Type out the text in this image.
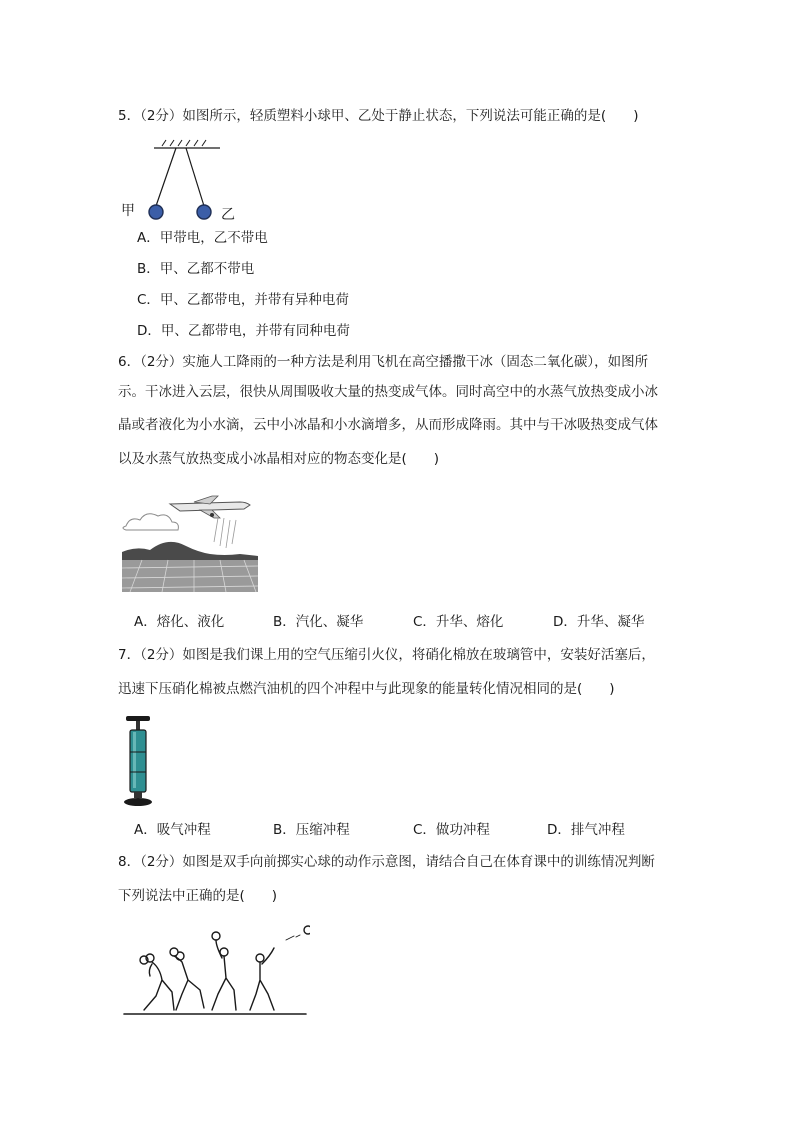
5．（2分）如图所示，轻质塑料小球甲、乙处于静止状态，下列说法可能正确的是(　　)
甲	乙
A．甲带电，乙不带电
B．甲、乙都不带电
C．甲、乙都带电，并带有异种电荷
D．甲、乙都带电，并带有同种电荷
6．（2分）实施人工降雨的一种方法是利用飞机在高空播撒干冰（固态二氧化碳），如图所
示。干冰进入云层，很快从周围吸收大量的热变成气体。同时高空中的水蒸气放热变成小冰
晶或者液化为小水滴，云中小冰晶和小水滴增多，从而形成降雨。其中与干冰吸热变成气体
以及水蒸气放热变成小冰晶相对应的物态变化是(　　)
A．熔化、液化	B．汽化、凝华	C．升华、熔化	D．升华、凝华
7．（2分）如图是我们课上用的空气压缩引火仪，将硝化棉放在玻璃管中，安装好活塞后，
迅速下压硝化棉被点燃汽油机的四个冲程中与此现象的能量转化情况相同的是(　　)
A．吸气冲程	B．压缩冲程	C．做功冲程	D．排气冲程
8．（2分）如图是双手向前掷实心球的动作示意图，请结合自己在体育课中的训练情况判断
下列说法中正确的是(　　)
